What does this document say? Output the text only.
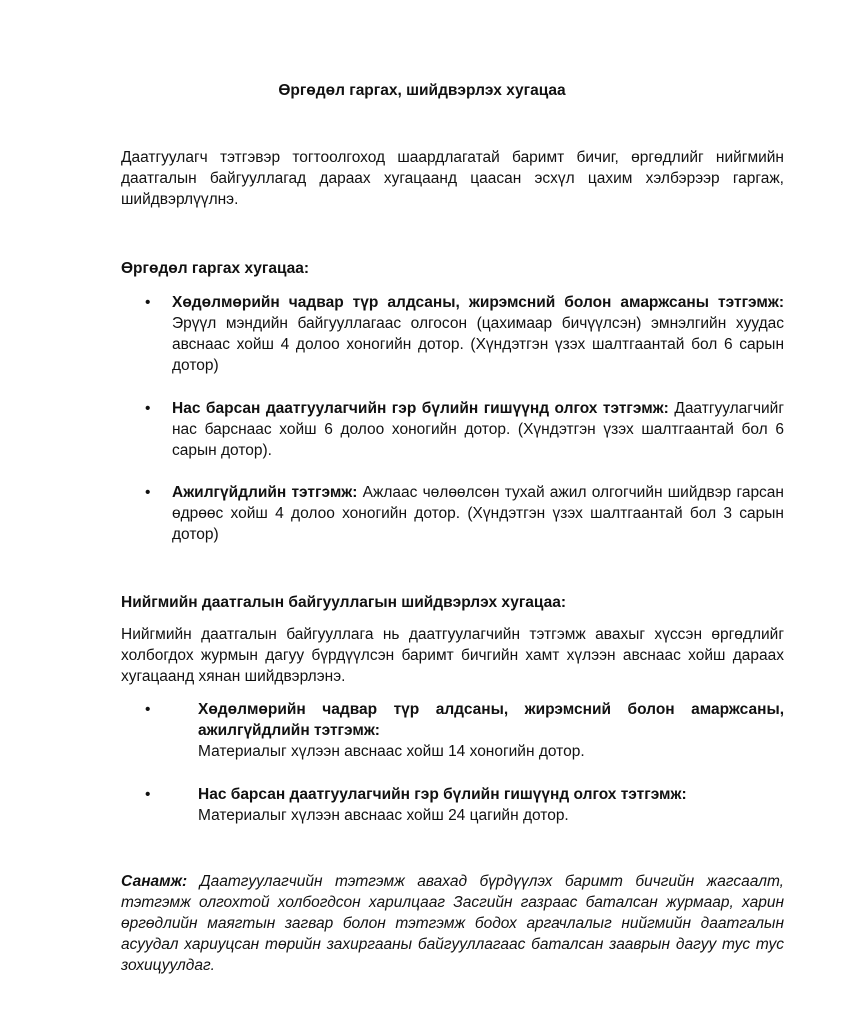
Өргөдөл гаргах, шийдвэрлэх хугацаа

Даатгуулагч тэтгэвэр тогтоолгоход шаардлагатай баримт бичиг, өргөдлийг нийгмийн даатгалын байгууллагад дараах хугацаанд цаасан эсхүл цахим хэлбэрээр гаргаж, шийдвэрлүүлнэ.

Өргөдөл гаргах хугацаа:

• Хөдөлмөрийн чадвар түр алдсаны, жирэмсний болон амаржсаны тэтгэмж: Эрүүл мэндийн байгууллагаас олгосон (цахимаар бичүүлсэн) эмнэлгийн хуудас авснаас хойш 4 долоо хоногийн дотор. (Хүндэтгэн үзэх шалтгаантай бол 6 сарын дотор)
• Нас барсан даатгуулагчийн гэр бүлийн гишүүнд олгох тэтгэмж: Даатгуулагчийг нас барснаас хойш 6 долоо хоногийн дотор. (Хүндэтгэн үзэх шалтгаантай бол 6 сарын дотор).
• Ажилгүйдлийн тэтгэмж: Ажлаас чөлөөлсөн тухай ажил олгогчийн шийдвэр гарсан өдрөөс хойш 4 долоо хоногийн дотор. (Хүндэтгэн үзэх шалтгаантай бол 3 сарын дотор)

Нийгмийн даатгалын байгууллагын шийдвэрлэх хугацаа:

Нийгмийн даатгалын байгууллага нь даатгуулагчийн тэтгэмж авахыг хүссэн өргөдлийг холбогдох журмын дагуу бүрдүүлсэн баримт бичгийн хамт хүлээн авснаас хойш дараах хугацаанд хянан шийдвэрлэнэ.

•	Хөдөлмөрийн чадвар түр алдсаны, жирэмсний болон амаржсаны, ажилгүйдлийн тэтгэмж:
Материалыг хүлээн авснаас хойш 14 хоногийн дотор.
•	Нас барсан даатгуулагчийн гэр бүлийн гишүүнд олгох тэтгэмж:
Материалыг хүлээн авснаас хойш 24 цагийн дотор.

Санамж: Даатгуулагчийн тэтгэмж авахад бүрдүүлэх баримт бичгийн жагсаалт, тэтгэмж олгохтой холбогдсон харилцааг Засгийн газраас баталсан журмаар, харин өргөдлийн маягтын загвар болон тэтгэмж бодох аргачлалыг нийгмийн даатгалын асуудал хариуцсан төрийн захиргааны байгууллагаас баталсан зааврын дагуу тус тус зохицуулдаг.
